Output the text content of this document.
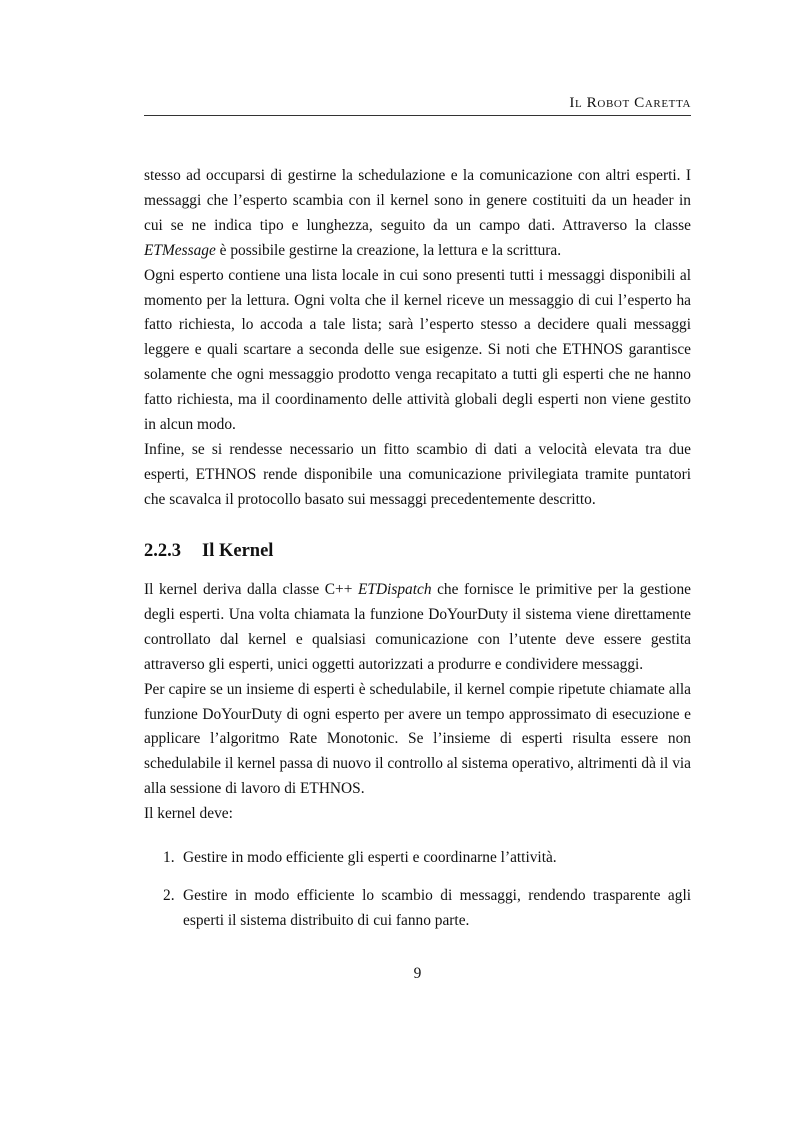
Il Robot Caretta

stesso ad occuparsi di gestirne la schedulazione e la comunicazione con altri esperti. I messaggi che l’esperto scambia con il kernel sono in genere costituiti da un header in cui se ne indica tipo e lunghezza, seguito da un campo dati. Attraverso la classe ETMessage è possibile gestirne la creazione, la lettura e la scrittura.

Ogni esperto contiene una lista locale in cui sono presenti tutti i messaggi disponibili al momento per la lettura. Ogni volta che il kernel riceve un messaggio di cui l’esperto ha fatto richiesta, lo accoda a tale lista; sarà l’esperto stesso a decidere quali messaggi leggere e quali scartare a seconda delle sue esigenze. Si noti che ETHNOS garantisce solamente che ogni messaggio prodotto venga recapitato a tutti gli esperti che ne hanno fatto richiesta, ma il coordinamento delle attività globali degli esperti non viene gestito in alcun modo.

Infine, se si rendesse necessario un fitto scambio di dati a velocità elevata tra due esperti, ETHNOS rende disponibile una comunicazione privilegiata tramite puntatori che scavalca il protocollo basato sui messaggi precedentemente descritto.

2.2.3 Il Kernel

Il kernel deriva dalla classe C++ ETDispatch che fornisce le primitive per la gestione degli esperti. Una volta chiamata la funzione DoYourDuty il sistema viene direttamente controllato dal kernel e qualsiasi comunicazione con l’utente deve essere gestita attraverso gli esperti, unici oggetti autorizzati a produrre e condividere messaggi.

Per capire se un insieme di esperti è schedulabile, il kernel compie ripetute chiamate alla funzione DoYourDuty di ogni esperto per avere un tempo approssimato di esecuzione e applicare l’algoritmo Rate Monotonic. Se l’insieme di esperti risulta essere non schedulabile il kernel passa di nuovo il controllo al sistema operativo, altrimenti dà il via alla sessione di lavoro di ETHNOS.

Il kernel deve:

1. Gestire in modo efficiente gli esperti e coordinarne l’attività.
2. Gestire in modo efficiente lo scambio di messaggi, rendendo trasparente agli esperti il sistema distribuito di cui fanno parte.
9
